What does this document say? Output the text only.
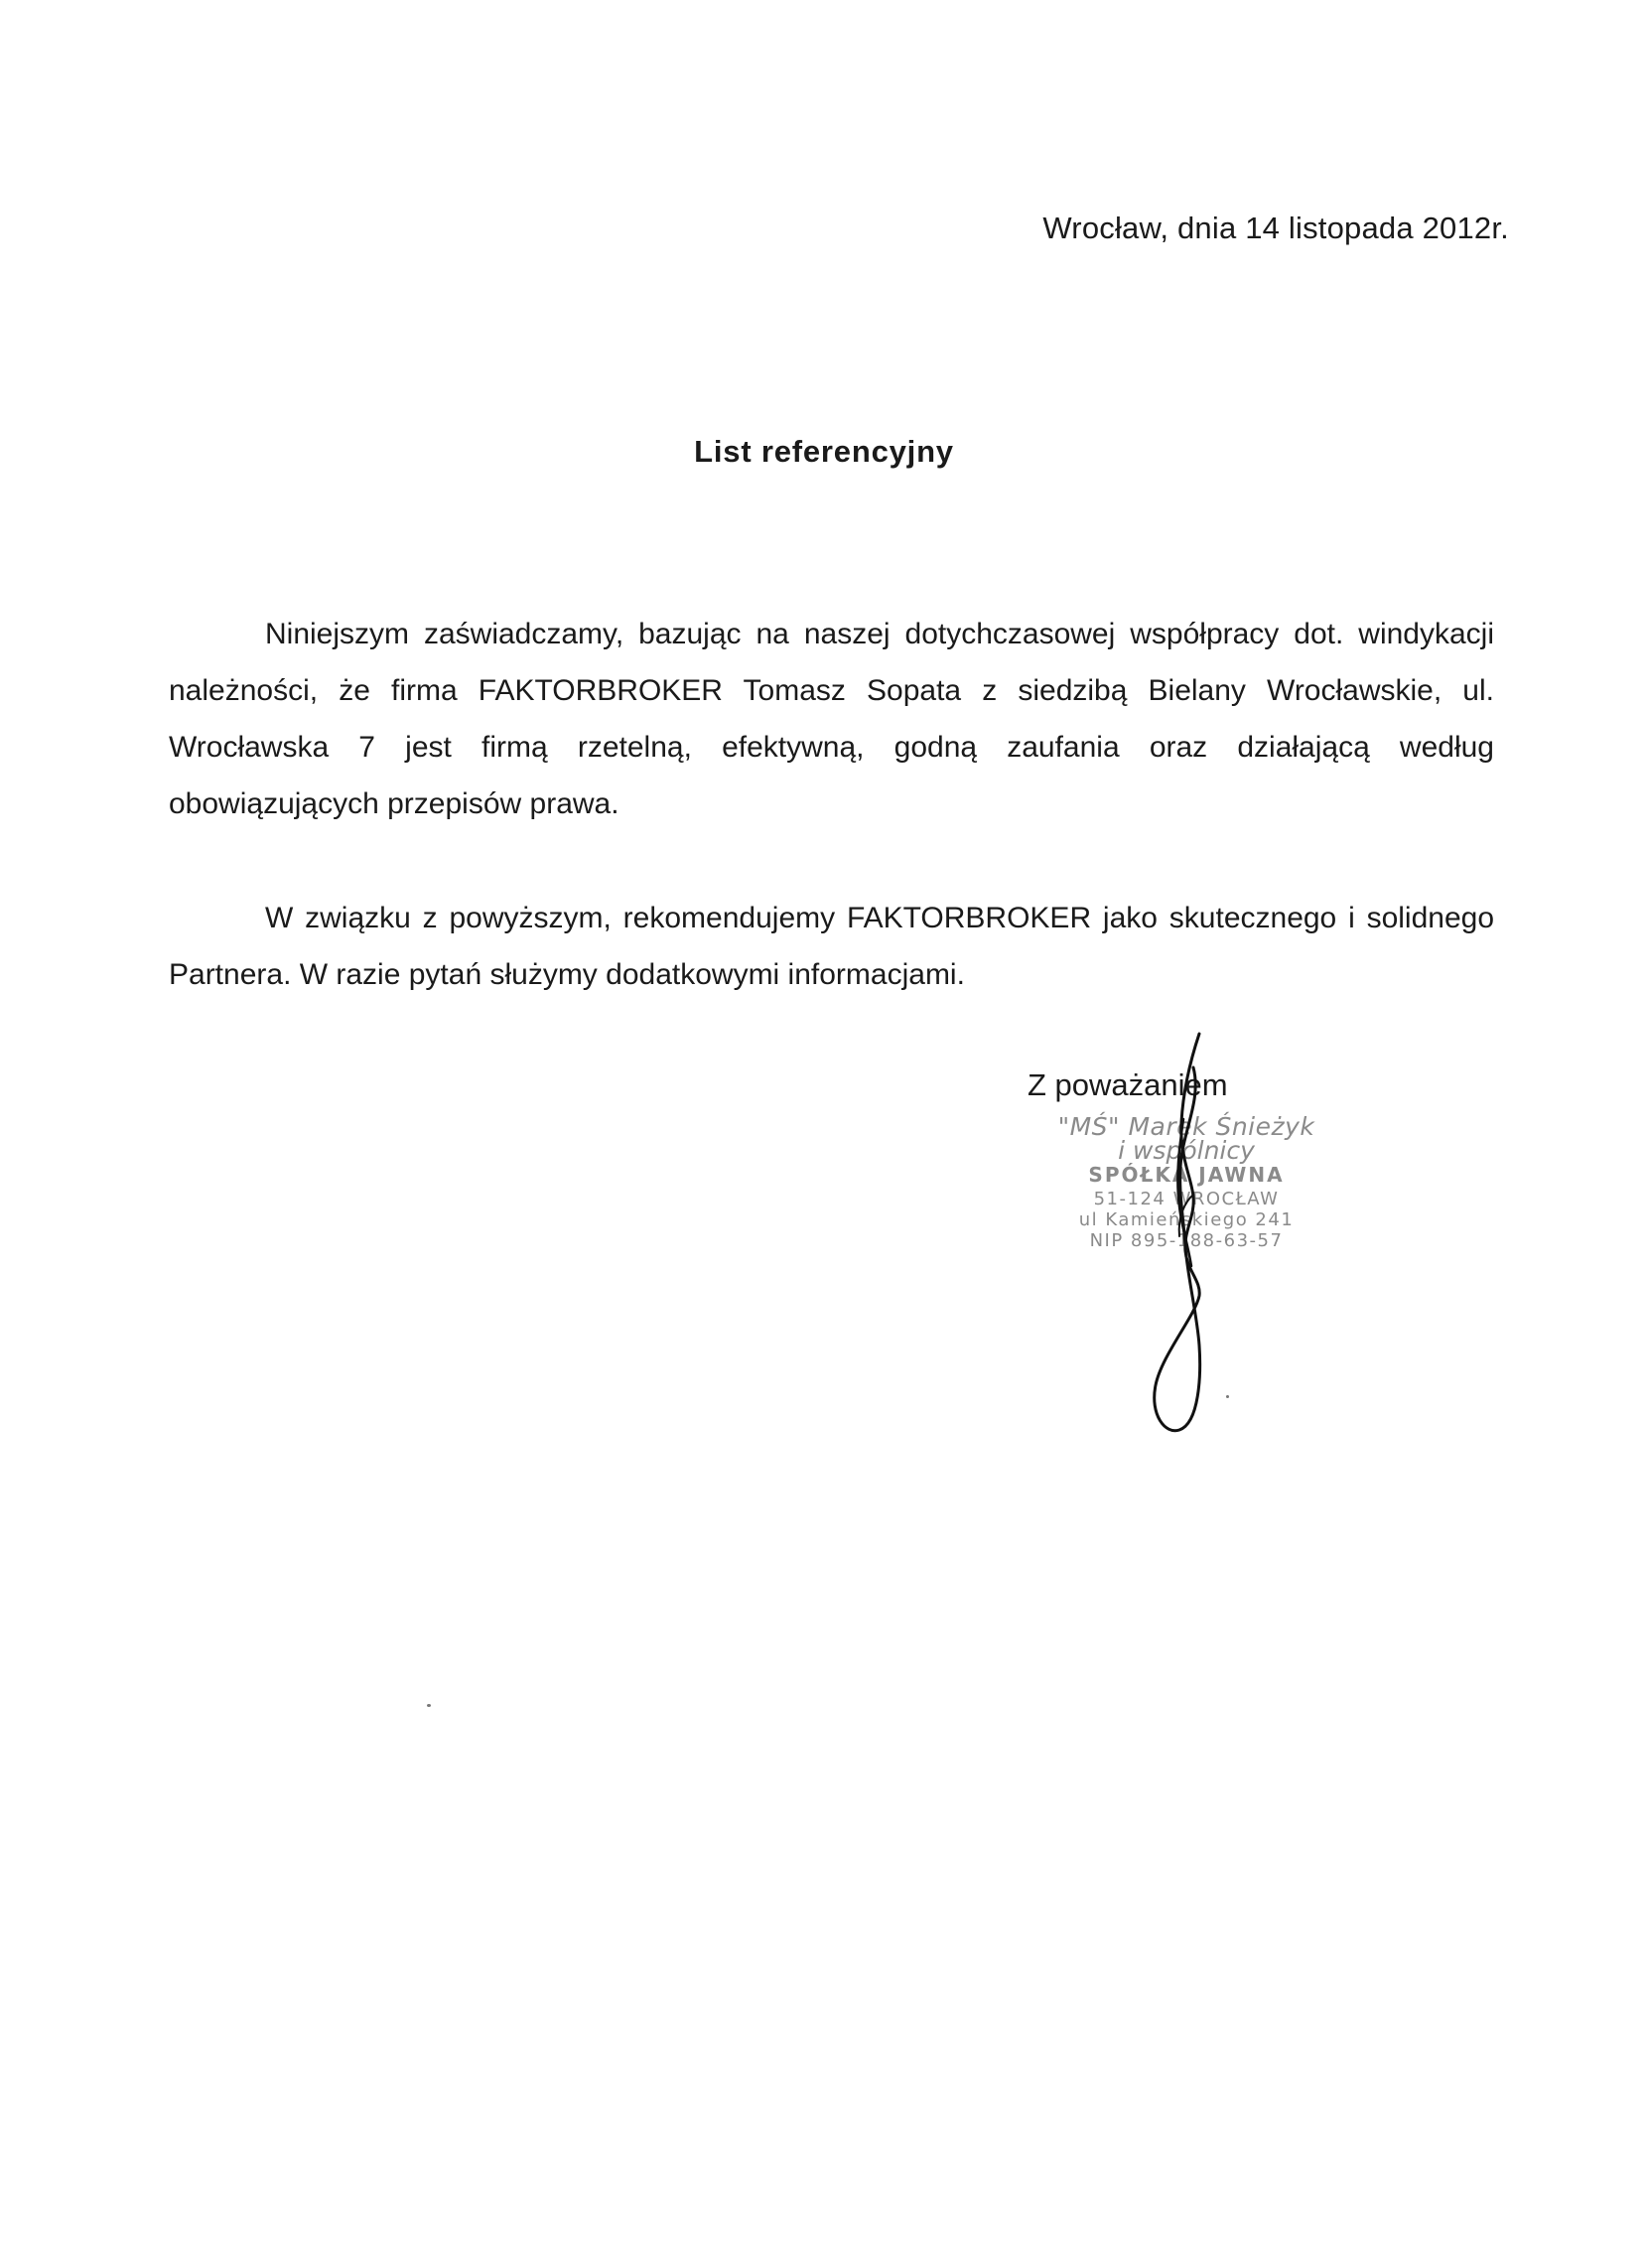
Wrocław, dnia 14 listopada 2012r.
List referencyjny

Niniejszym zaświadczamy, bazując na naszej dotychczasowej współpracy dot. windykacji należności, że firma FAKTORBROKER Tomasz Sopata z siedzibą Bielany Wrocławskie, ul. Wrocławska 7 jest firmą rzetelną, efektywną, godną zaufania oraz działającą według obowiązujących przepisów prawa.

W związku z powyższym, rekomendujemy FAKTORBROKER jako skutecznego i solidnego Partnera. W razie pytań służymy dodatkowymi informacjami.

Z poważaniem
"MŚ" Marek Śnieżyk
i wspólnicy
SPÓŁKA JAWNA
51-124 WROCŁAW
ul Kamieńskiego 241
NIP 895-188-63-57
